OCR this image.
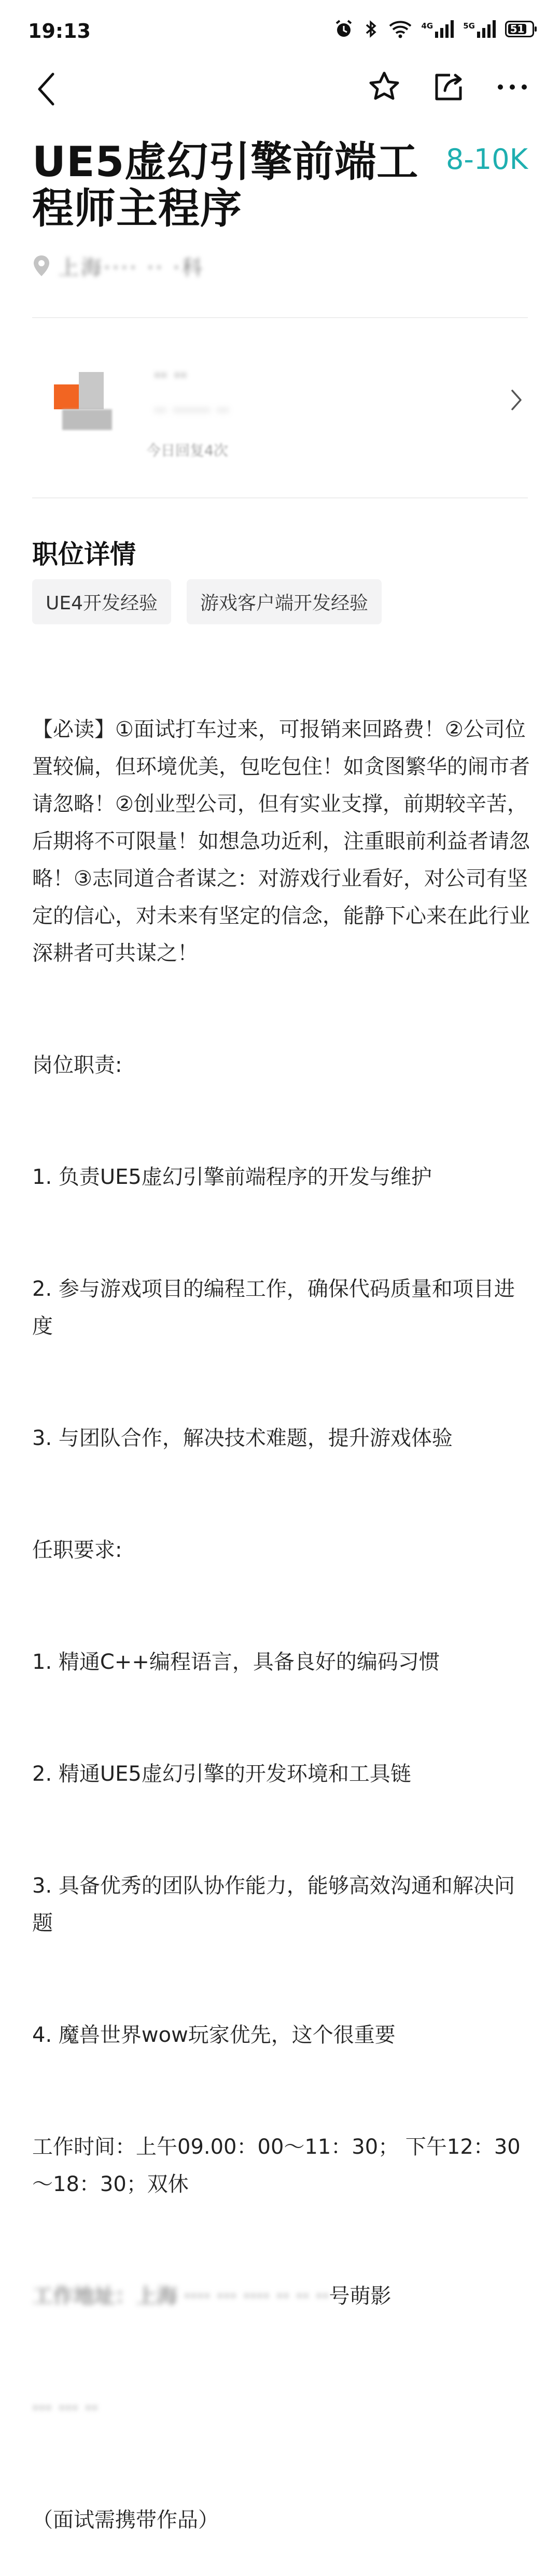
19:13	4G	5G	51
UE5虚幻引擎前端工程师主程序
8-10K
上海···· ·· ·科
·· ··
·· ······ ··
今日回复4次
职位详情
UE4开发经验	游戏客户端开发经验

【必读】①面试打车过来，可报销来回路费！②公司位置较偏，但环境优美，包吃包住！如贪图繁华的闹市者请忽略！②创业型公司，但有实业支撑，前期较辛苦，后期将不可限量！如想急功近利，注重眼前利益者请忽略！③志同道合者谋之：对游戏行业看好，对公司有坚定的信心，对未来有坚定的信念，能静下心来在此行业深耕者可共谋之！

岗位职责:

1. 负责UE5虚幻引擎前端程序的开发与维护

2. 参与游戏项目的编程工作，确保代码质量和项目进度

3. 与团队合作，解决技术难题，提升游戏体验

任职要求:

1. 精通C++编程语言，具备良好的编码习惯

2. 精通UE5虚幻引擎的开发环境和工具链

3. 具备优秀的团队协作能力，能够高效沟通和解决问题

4. 魔兽世界wow玩家优先，这个很重要

工作时间：上午09.00：00～11：30； 下午12：30～18：30；双休

工作地址：上海 ···· ··· ···· ·· ·· ··号萌影

··· ··· ··

（面试需携带作品）
